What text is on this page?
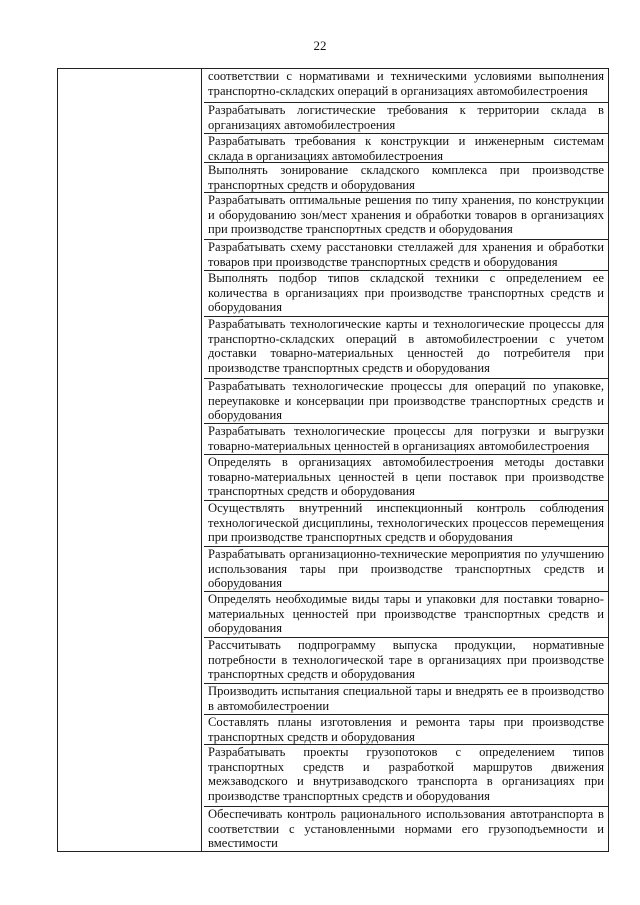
22
соответствии с нормативами и техническими условиями выполнения транспортно-складских операций в организациях автомобилестроения
Разрабатывать логистические требования к территории склада в организациях автомобилестроения
Разрабатывать требования к конструкции и инженерным системам склада в организациях автомобилестроения
Выполнять зонирование складского комплекса при производстве транспортных средств и оборудования
Разрабатывать оптимальные решения по типу хранения, по конструкции и оборудованию зон/мест хранения и обработки товаров в организациях при производстве транспортных средств и оборудования
Разрабатывать схему расстановки стеллажей для хранения и обработки товаров при производстве транспортных средств и оборудования
Выполнять подбор типов складской техники с определением ее количества в организациях при производстве транспортных средств и оборудования
Разрабатывать технологические карты и технологические процессы для транспортно-складских операций в автомобилестроении с учетом доставки товарно-материальных ценностей до потребителя при производстве транспортных средств и оборудования
Разрабатывать технологические процессы для операций по упаковке, переупаковке и консервации при производстве транспортных средств и оборудования
Разрабатывать технологические процессы для погрузки и выгрузки товарно-материальных ценностей в организациях автомобилестроения
Определять в организациях автомобилестроения методы доставки товарно-материальных ценностей в цепи поставок при производстве транспортных средств и оборудования
Осуществлять внутренний инспекционный контроль соблюдения технологической дисциплины, технологических процессов перемещения при производстве транспортных средств и оборудования
Разрабатывать организационно-технические мероприятия по улучшению использования тары при производстве транспортных средств и оборудования
Определять необходимые виды тары и упаковки для поставки товарно-материальных ценностей при производстве транспортных средств и оборудования
Рассчитывать подпрограмму выпуска продукции, нормативные потребности в технологической таре в организациях при производстве транспортных средств и оборудования
Производить испытания специальной тары и внедрять ее в производство в автомобилестроении
Составлять планы изготовления и ремонта тары при производстве транспортных средств и оборудования
Разрабатывать проекты грузопотоков с определением типов транспортных средств и разработкой маршрутов движения межзаводского и внутризаводского транспорта в организациях при производстве транспортных средств и оборудования
Обеспечивать контроль рационального использования автотранспорта в соответствии с установленными нормами его грузоподъемности и вместимости
